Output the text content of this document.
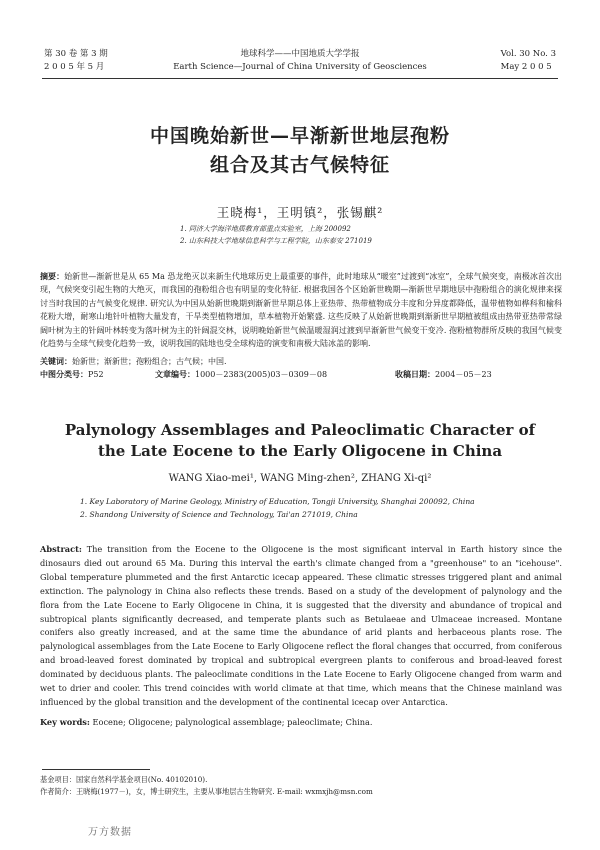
第 30 卷 第 3 期
2 0 0 5 年 5 月
地球科学——中国地质大学学报
Earth Science—Journal of China University of Geosciences
Vol. 30 No. 3
May 2 0 0 5
中国晚始新世—早渐新世地层孢粉
组合及其古气候特征
王晓梅¹，王明镇²，张锡麒²
1. 同济大学海洋地质教育部重点实验室，上海 200092
2. 山东科技大学地球信息科学与工程学院，山东泰安 271019
摘要：始新世—渐新世是从 65 Ma 恐龙绝灭以来新生代地球历史上最重要的事件，此时地球从“暖室”过渡到“冰室”，全球气候突变，南极冰首次出现，气候突变引起生物的大绝灭，而我国的孢粉组合也有明显的变化特征. 根据我国各个区始新世晚期—渐新世早期地层中孢粉组合的演化规律来探讨当时我国的古气候变化规律. 研究认为中国从始新世晚期到渐新世早期总体上亚热带、热带植物成分丰度和分异度都降低，温带植物如桦科和榆科花粉大增，耐寒山地针叶植物大量发育，干旱类型植物增加，草本植物开始繁盛. 这些反映了从始新世晚期到渐新世早期植被组成由热带亚热带常绿阔叶树为主的针阔叶林转变为落叶树为主的针阔混交林，说明晚始新世气候温暖湿润过渡到早渐新世气候变干变冷. 孢粉植物群所反映的我国气候变化趋势与全球气候变化趋势一致，说明我国的陆地也受全球构造的演变和南极大陆冰盖的影响.
关键词：始新世；渐新世；孢粉组合；古气候；中国.
中图分类号：P52	文章编号：1000－2383(2005)03－0309－08	收稿日期：2004－05－23
Palynology Assemblages and Paleoclimatic Character of
the Late Eocene to the Early Oligocene in China
WANG Xiao-mei¹, WANG Ming-zhen², ZHANG Xi-qi²
1. Key Laboratory of Marine Geology, Ministry of Education, Tongji University, Shanghai 200092, China
2. Shandong University of Science and Technology, Tai'an 271019, China
Abstract: The transition from the Eocene to the Oligocene is the most significant interval in Earth history since the dinosaurs died out around 65 Ma. During this interval the earth's climate changed from a "greenhouse" to an "icehouse". Global temperature plummeted and the first Antarctic icecap appeared. These climatic stresses triggered plant and animal extinction. The palynology in China also reflects these trends. Based on a study of the development of palynology and the flora from the Late Eocene to Early Oligocene in China, it is suggested that the diversity and abundance of tropical and subtropical plants significantly decreased, and temperate plants such as Betulaeae and Ulmaceae increased. Montane conifers also greatly increased, and at the same time the abundance of arid plants and herbaceous plants rose. The palynological assemblages from the Late Eocene to Early Oligocene reflect the floral changes that occurred, from coniferous and broad-leaved forest dominated by tropical and subtropical evergreen plants to coniferous and broad-leaved forest dominated by deciduous plants. The paleoclimate conditions in the Late Eocene to Early Oligocene changed from warm and wet to drier and cooler. This trend coincides with world climate at that time, which means that the Chinese mainland was influenced by the global transition and the development of the continental icecap over Antarctica.
Key words: Eocene; Oligocene; palynological assemblage; paleoclimate; China.
基金项目：国家自然科学基金项目(No. 40102010).
作者简介：王晓梅(1977－)，女，博士研究生，主要从事地层古生物研究. E-mail: wxmxjh@msn.com
万方数据
